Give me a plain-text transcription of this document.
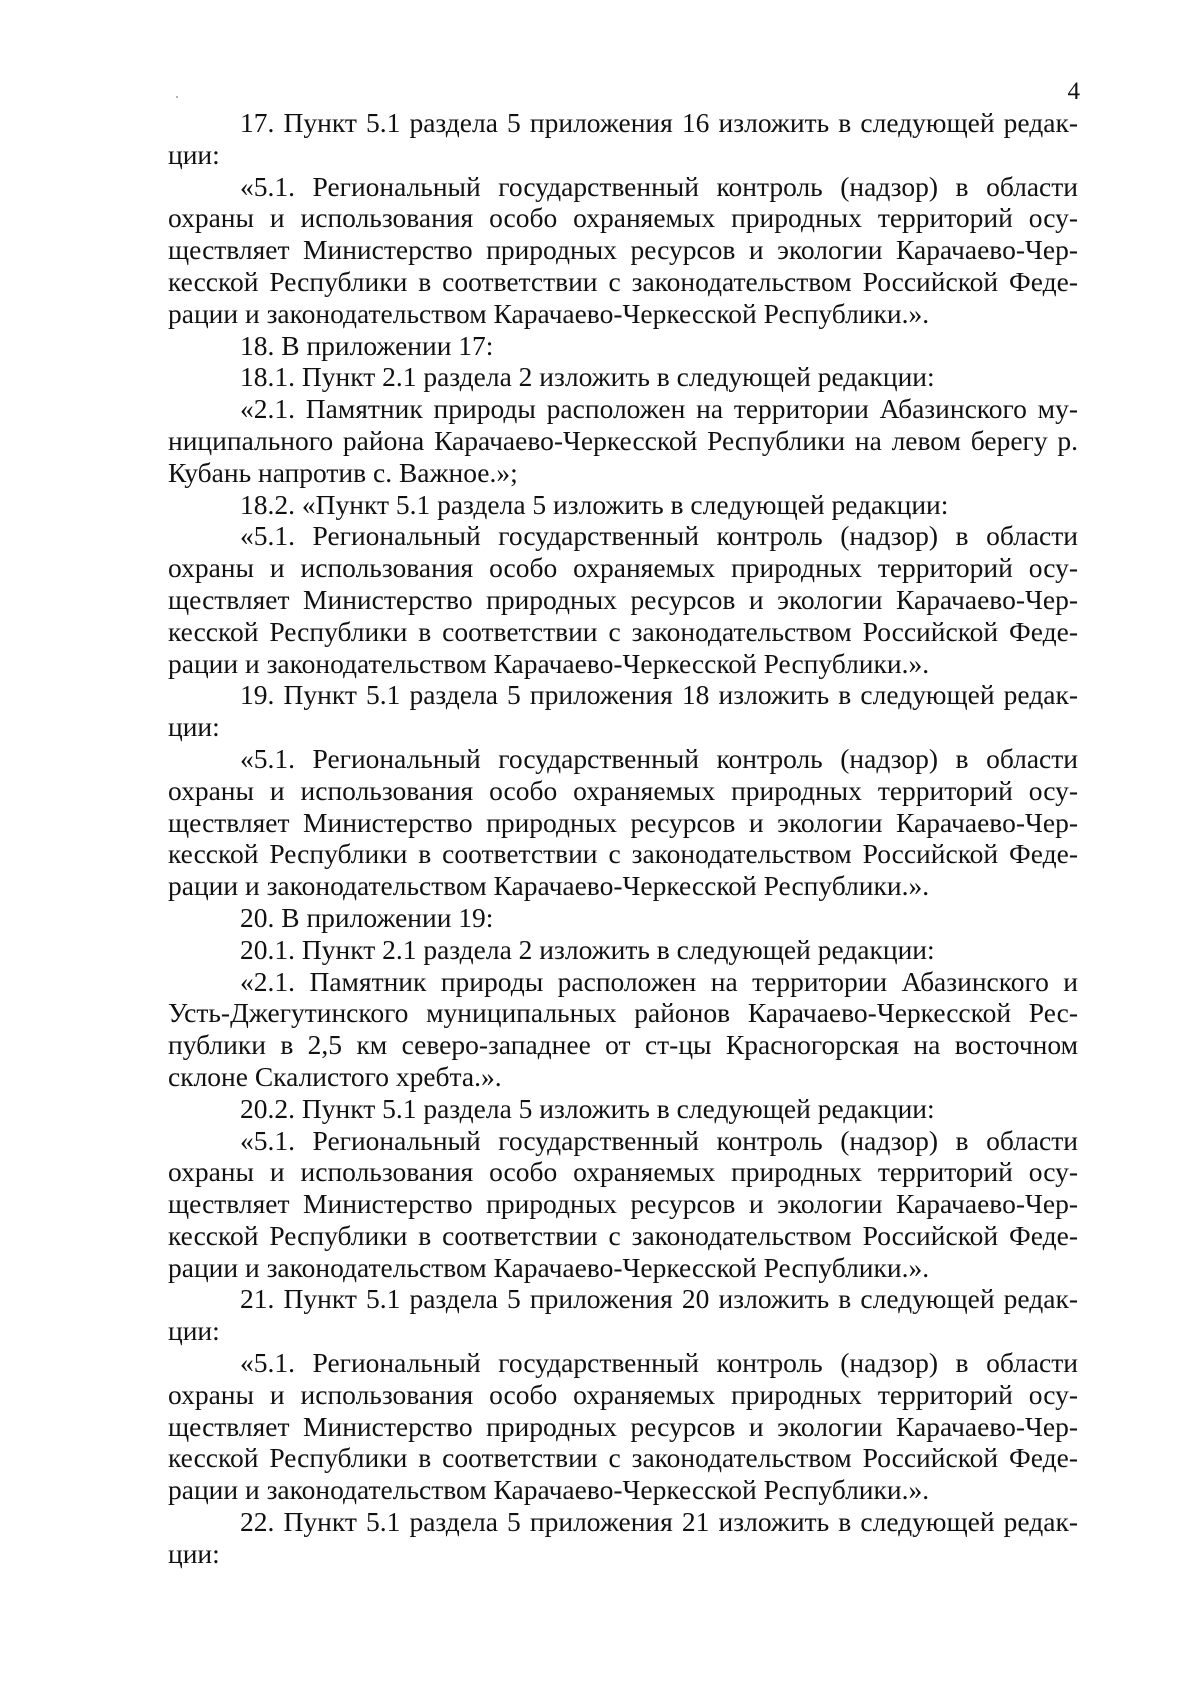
4

17. Пункт 5.1 раздела 5 приложения 16 изложить в следующей редакции:

«5.1. Региональный государственный контроль (надзор) в области охраны и использования особо охраняемых природных территорий осуществляет Министерство природных ресурсов и экологии Карачаево-Черкесской Республики в соответствии с законодательством Российской Федерации и законодательством Карачаево-Черкесской Республики.».

18. В приложении 17:

18.1. Пункт 2.1 раздела 2 изложить в следующей редакции:

«2.1. Памятник природы расположен на территории Абазинского муниципального района Карачаево-Черкесской Республики на левом берегу р. Кубань напротив с. Важное.»;

18.2. «Пункт 5.1 раздела 5 изложить в следующей редакции:

«5.1. Региональный государственный контроль (надзор) в области охраны и использования особо охраняемых природных территорий осуществляет Министерство природных ресурсов и экологии Карачаево-Черкесской Республики в соответствии с законодательством Российской Федерации и законодательством Карачаево-Черкесской Республики.».

19. Пункт 5.1 раздела 5 приложения 18 изложить в следующей редакции:

«5.1. Региональный государственный контроль (надзор) в области охраны и использования особо охраняемых природных территорий осуществляет Министерство природных ресурсов и экологии Карачаево-Черкесской Республики в соответствии с законодательством Российской Федерации и законодательством Карачаево-Черкесской Республики.».

20. В приложении 19:

20.1. Пункт 2.1 раздела 2 изложить в следующей редакции:

«2.1. Памятник природы расположен на территории Абазинского и Усть-Джегутинского муниципальных районов Карачаево-Черкесской Республики в 2,5 км северо-западнее от ст-цы Красногорская на восточном склоне Скалистого хребта.».

20.2. Пункт 5.1 раздела 5 изложить в следующей редакции:

«5.1. Региональный государственный контроль (надзор) в области охраны и использования особо охраняемых природных территорий осуществляет Министерство природных ресурсов и экологии Карачаево-Черкесской Республики в соответствии с законодательством Российской Федерации и законодательством Карачаево-Черкесской Республики.».

21. Пункт 5.1 раздела 5 приложения 20 изложить в следующей редакции:

«5.1. Региональный государственный контроль (надзор) в области охраны и использования особо охраняемых природных территорий осуществляет Министерство природных ресурсов и экологии Карачаево-Черкесской Республики в соответствии с законодательством Российской Федерации и законодательством Карачаево-Черкесской Республики.».

22. Пункт 5.1 раздела 5 приложения 21 изложить в следующей редакции:
